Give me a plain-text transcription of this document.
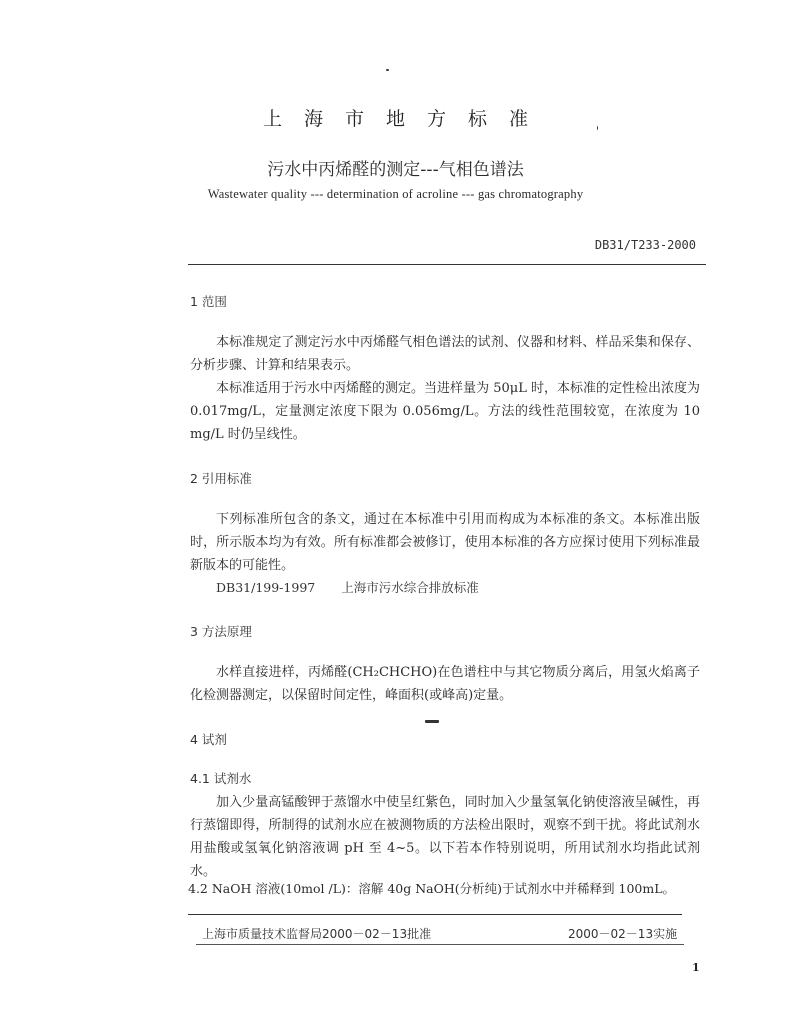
上海市地方标准
污水中丙烯醛的测定---气相色谱法
Wastewater quality --- determination of acroline --- gas chromatography
DB31/T233-2000
1 范围
本标准规定了测定污水中丙烯醛气相色谱法的试剂、仪器和材料、样品采集和保存、分析步骤、计算和结果表示。
本标准适用于污水中丙烯醛的测定。当进样量为 50μL 时，本标准的定性检出浓度为 0.017mg/L，定量测定浓度下限为 0.056mg/L。方法的线性范围较宽，在浓度为 10 mg/L 时仍呈线性。
2 引用标准
下列标准所包含的条文，通过在本标准中引用而构成为本标准的条文。本标准出版时，所示版本均为有效。所有标准都会被修订，使用本标准的各方应探讨使用下列标准最新版本的可能性。
DB31/199-1997 上海市污水综合排放标准
3 方法原理
水样直接进样，丙烯醛(CH₂CHCHO)在色谱柱中与其它物质分离后，用氢火焰离子化检测器测定，以保留时间定性，峰面积(或峰高)定量。
4 试剂
4.1 试剂水
加入少量高锰酸钾于蒸馏水中使呈红紫色，同时加入少量氢氧化钠使溶液呈碱性，再行蒸馏即得，所制得的试剂水应在被测物质的方法检出限时，观察不到干扰。将此试剂水用盐酸或氢氧化钠溶液调 pH 至 4~5。以下若本作特别说明，所用试剂水均指此试剂水。
4.2 NaOH 溶液(10mol /L)：溶解 40g NaOH(分析纯)于试剂水中并稀释到 100mL。
上海市质量技术监督局2000－02－13批准	2000－02－13实施
1
